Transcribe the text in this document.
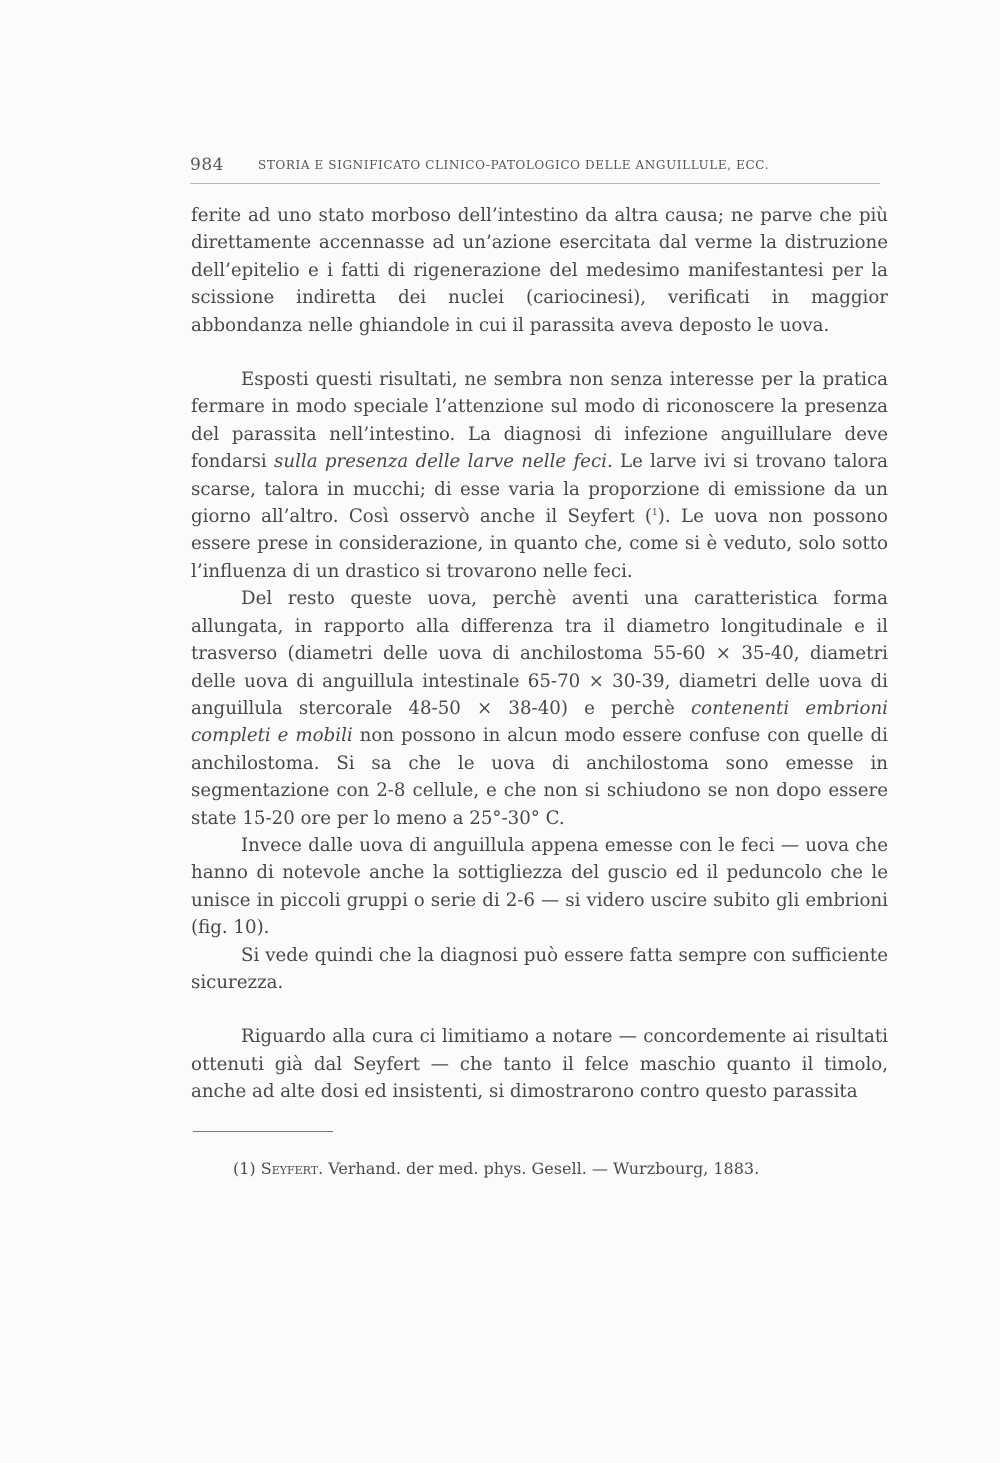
984	STORIA E SIGNIFICATO CLINICO-PATOLOGICO DELLE ANGUILLULE, ECC.

ferite ad uno stato morboso dell’intestino da altra causa; ne parve che più direttamente accennasse ad un’azione esercitata dal verme la distruzione dell’epitelio e i fatti di rigenerazione del medesimo manifestantesi per la scissione indiretta dei nuclei (cariocinesi), verificati in maggior abbondanza nelle ghiandole in cui il parassita aveva deposto le uova.

Esposti questi risultati, ne sembra non senza interesse per la pratica fermare in modo speciale l’attenzione sul modo di riconoscere la presenza del parassita nell’intestino. La diagnosi di infezione anguillulare deve fondarsi sulla presenza delle larve nelle feci. Le larve ivi si trovano talora scarse, talora in mucchi; di esse varia la proporzione di emissione da un giorno all’altro. Così osservò anche il Seyfert ($^1$). Le uova non possono essere prese in considerazione, in quanto che, come si è veduto, solo sotto l’influenza di un drastico si trovarono nelle feci.

Del resto queste uova, perchè aventi una caratteristica forma allungata, in rapporto alla differenza tra il diametro longitudinale e il trasverso (diametri delle uova di anchilostoma 55-60 × 35-40, diametri delle uova di anguillula intestinale 65-70 × 30-39, diametri delle uova di anguillula stercorale 48-50 × 38-40) e perchè contenenti embrioni completi e mobili non possono in alcun modo essere confuse con quelle di anchilostoma. Si sa che le uova di anchilostoma sono emesse in segmentazione con 2-8 cellule, e che non si schiudono se non dopo essere state 15-20 ore per lo meno a 25°-30° C.

Invece dalle uova di anguillula appena emesse con le feci — uova che hanno di notevole anche la sottigliezza del guscio ed il peduncolo che le unisce in piccoli gruppi o serie di 2-6 — si videro uscire subito gli embrioni (fig. 10).

Si vede quindi che la diagnosi può essere fatta sempre con sufficiente sicurezza.

Riguardo alla cura ci limitiamo a notare — concordemente ai risultati ottenuti già dal Seyfert — che tanto il felce maschio quanto il timolo, anche ad alte dosi ed insistenti, si dimostrarono contro questo parassita

(1) Seyfert. Verhand. der med. phys. Gesell. — Wurzbourg, 1883.
